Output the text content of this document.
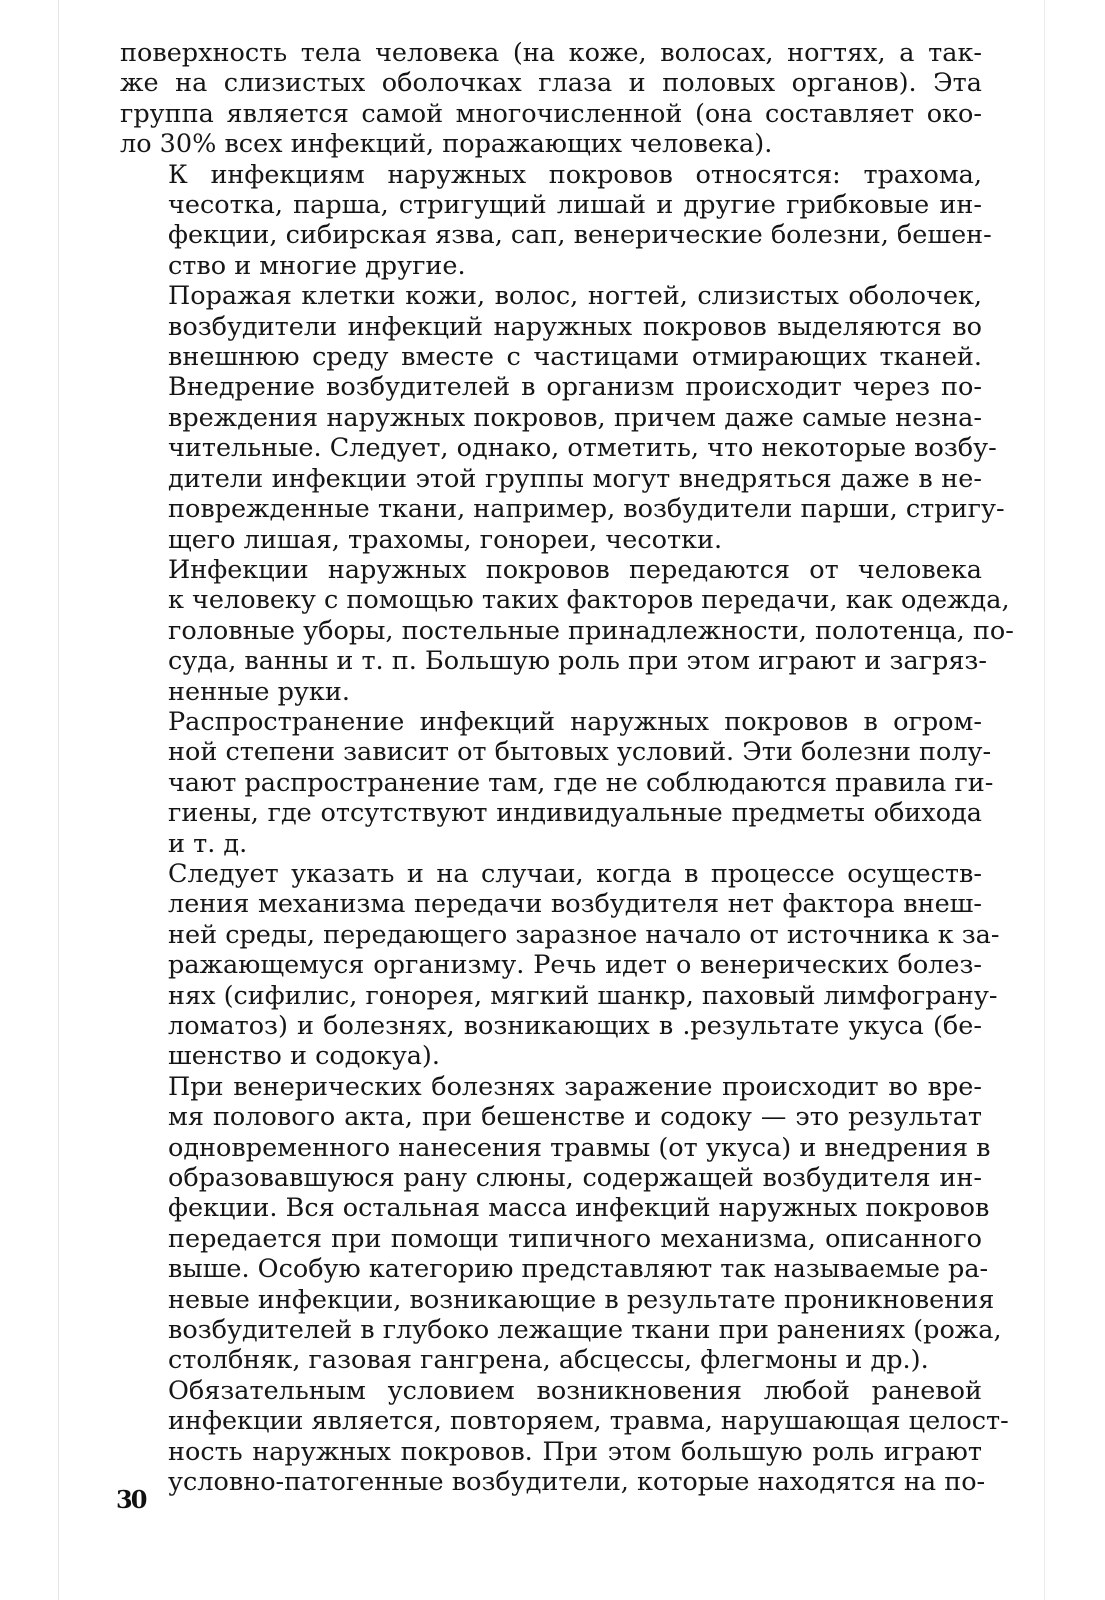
поверхность тела человека (на коже, волосах, ногтях, а так-
же на слизистых оболочках глаза и половых органов). Эта
группа является самой многочисленной (она составляет око-
ло 30% всех инфекций, поражающих человека).

К инфекциям наружных покровов относятся: трахома,
чесотка, парша, стригущий лишай и другие грибковые ин-
фекции, сибирская язва, сап, венерические болезни, бешен-
ство и многие другие.

Поражая клетки кожи, волос, ногтей, слизистых оболочек,
возбудители инфекций наружных покровов выделяются во
внешнюю среду вместе с частицами отмирающих тканей.
Внедрение возбудителей в организм происходит через по-
вреждения наружных покровов, причем даже самые незна-
чительные. Следует, однако, отметить, что некоторые возбу-
дители инфекции этой группы могут внедряться даже в не-
поврежденные ткани, например, возбудители парши, стригу-
щего лишая, трахомы, гонореи, чесотки.

Инфекции наружных покровов передаются от человека
к человеку с помощью таких факторов передачи, как одежда,
головные уборы, постельные принадлежности, полотенца, по-
суда, ванны и т. п. Большую роль при этом играют и загряз-
ненные руки.

Распространение инфекций наружных покровов в огром-
ной степени зависит от бытовых условий. Эти болезни полу-
чают распространение там, где не соблюдаются правила ги-
гиены, где отсутствуют индивидуальные предметы обихода
и т. д.

Следует указать и на случаи, когда в процессе осуществ-
ления механизма передачи возбудителя нет фактора внеш-
ней среды, передающего заразное начало от источника к за-
ражающемуся организму. Речь идет о венерических болез-
нях (сифилис, гонорея, мягкий шанкр, паховый лимфограну-
ломатоз) и болезнях, возникающих в .результате укуса (бе-
шенство и содокуа).

При венерических болезнях заражение происходит во вре-
мя полового акта, при бешенстве и содоку — это результат
одновременного нанесения травмы (от укуса) и внедрения в
образовавшуюся рану слюны, содержащей возбудителя ин-
фекции. Вся остальная масса инфекций наружных покровов
передается при помощи типичного механизма, описанного
выше. Особую категорию представляют так называемые ра-
невые инфекции, возникающие в результате проникновения
возбудителей в глубоко лежащие ткани при ранениях (рожа,
столбняк, газовая гангрена, абсцессы, флегмоны и др.).

Обязательным условием возникновения любой раневой
инфекции является, повторяем, травма, нарушающая целост-
ность наружных покровов. При этом большую роль играют
условно-патогенные возбудители, которые находятся на по-

30
